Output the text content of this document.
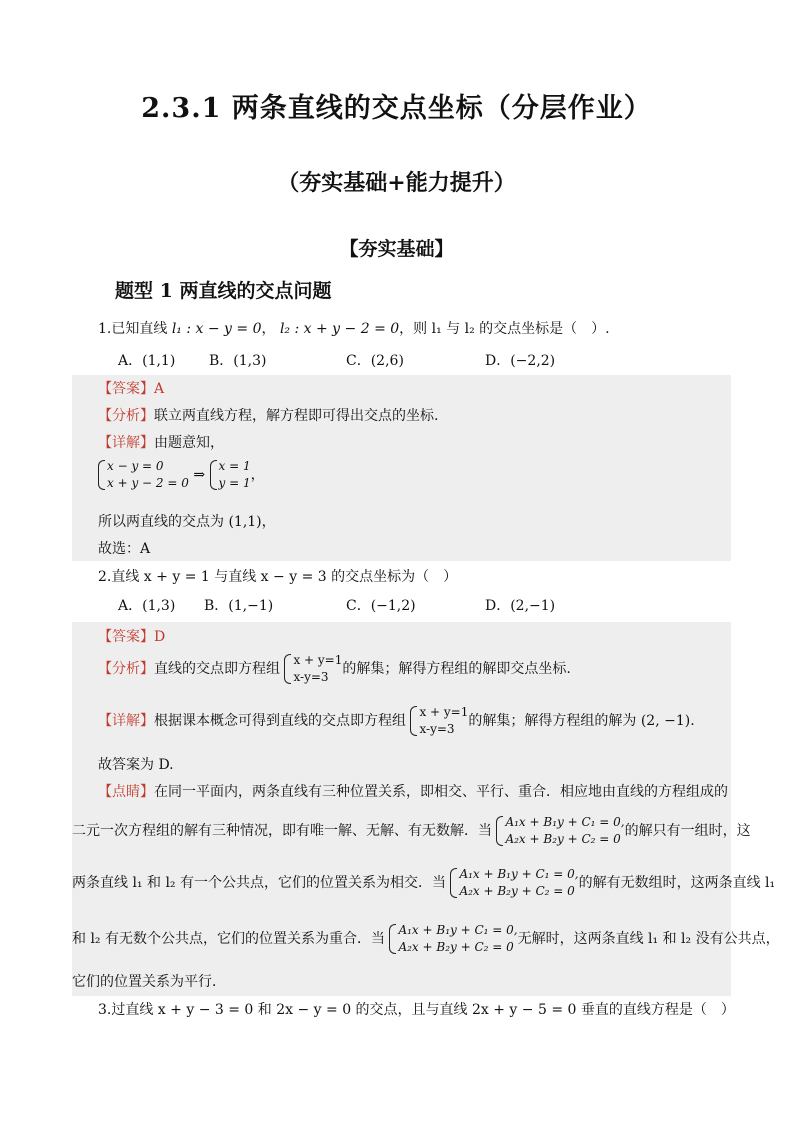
2.3.1 两条直线的交点坐标（分层作业）
（夯实基础+能力提升）
【夯实基础】
题型 1 两直线的交点问题
1.已知直线 l₁ : x − y = 0， l₂ : x + y − 2 = 0，则 l₁ 与 l₂ 的交点坐标是（　）.
A．(1,1) B．(1,3)	C．(2,6)	D．(−2,2)
【答案】A
【分析】联立两直线方程，解方程即可得出交点的坐标.
【详解】由题意知，
x − y = 0
x + y − 2 = 0 ⇒
x = 1
y = 1 ，
所以两直线的交点为 (1,1)，
故选：A
2.直线 x + y = 1 与直线 x − y = 3 的交点坐标为（　）
A．(1,3) B．(1,−1)	C．(−1,2)	D．(2,−1)
【答案】D
【分析】直线的交点即方程组
x + y=1
x-y=3 的解集；解得方程组的解即交点坐标.
【详解】根据课本概念可得到直线的交点即方程组
x + y=1
x-y=3 的解集；解得方程组的解为 (2, −1).
故答案为 D.
【点睛】在同一平面内，两条直线有三种位置关系，即相交、平行、重合．相应地由直线的方程组成的
二元一次方程组的解有三种情况，即有唯一解、无解、有无数解．当
A₁x + B₁y + C₁ = 0,
A₂x + B₂y + C₂ = 0 的解只有一组时，这
两条直线 l₁ 和 l₂ 有一个公共点，它们的位置关系为相交．当
A₁x + B₁y + C₁ = 0,
A₂x + B₂y + C₂ = 0 的解有无数组时，这两条直线 l₁
和 l₂ 有无数个公共点，它们的位置关系为重合．当
A₁x + B₁y + C₁ = 0,
A₂x + B₂y + C₂ = 0 无解时，这两条直线 l₁ 和 l₂ 没有公共点，
它们的位置关系为平行．
3.过直线 x + y − 3 = 0 和 2x − y = 0 的交点，且与直线 2x + y − 5 = 0 垂直的直线方程是（　）
